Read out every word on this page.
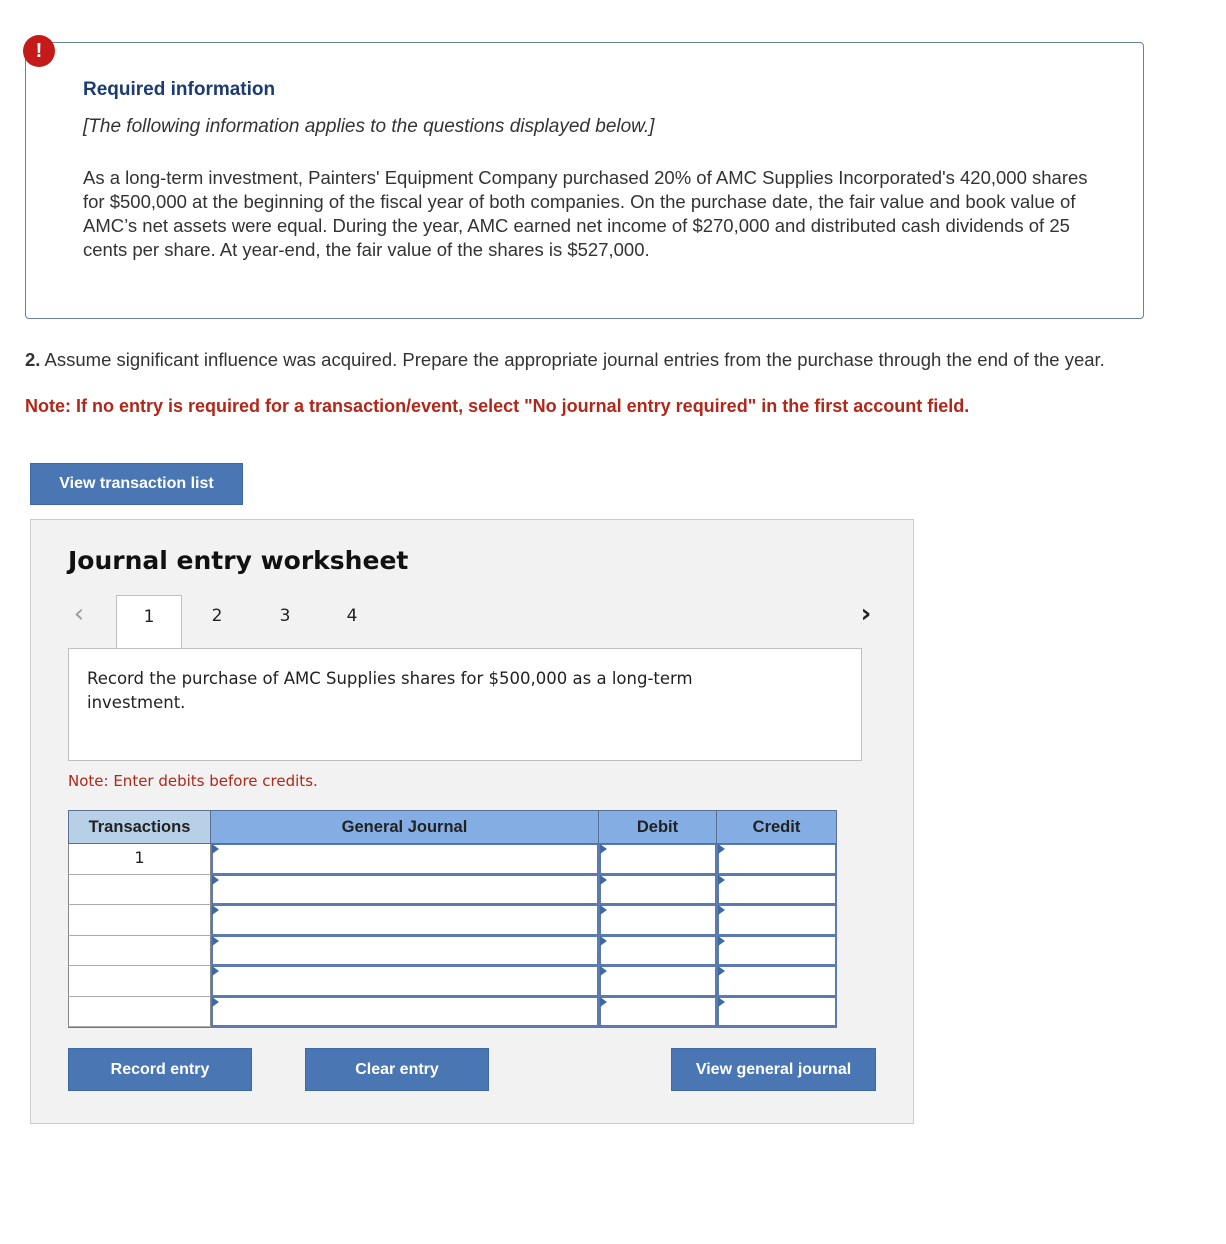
Required information
[The following information applies to the questions displayed below.]
As a long-term investment, Painters' Equipment Company purchased 20% of AMC Supplies Incorporated's 420,000 shares for $500,000 at the beginning of the fiscal year of both companies. On the purchase date, the fair value and book value of AMC’s net assets were equal. During the year, AMC earned net income of $270,000 and distributed cash dividends of 25 cents per share. At year-end, the fair value of the shares is $527,000.
!
2. Assume significant influence was acquired. Prepare the appropriate journal entries from the purchase through the end of the year.
Note: If no entry is required for a transaction/event, select "No journal entry required" in the first account field.
View transaction list
Journal entry worksheet
‹	1	2	3	4	›
Record the purchase of AMC Supplies shares for $500,000 as a long-term investment.
Note: Enter debits before credits.
Transactions	General Journal	Debit	Credit
1
Record entry	Clear entry	View general journal
